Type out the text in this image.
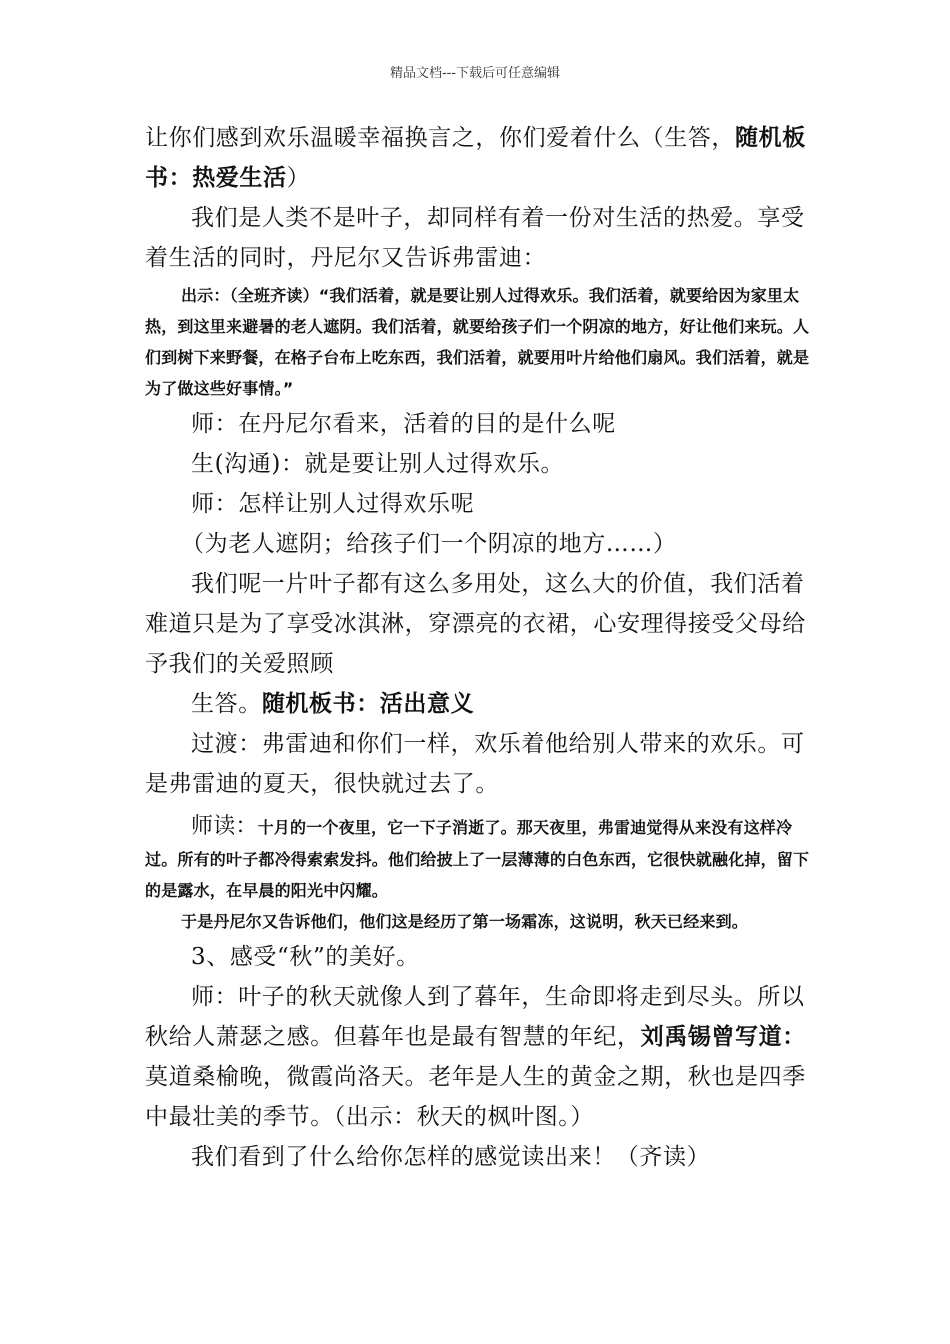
精品文档---下载后可任意编辑

让你们感到欢乐温暖幸福换言之，你们爱着什么（生答，随机板书：热爱生活）

我们是人类不是叶子，却同样有着一份对生活的热爱。享受着生活的同时，丹尼尔又告诉弗雷迪：

出示：（全班齐读）“我们活着，就是要让别人过得欢乐。我们活着，就要给因为家里太热，到这里来避暑的老人遮阴。我们活着，就要给孩子们一个阴凉的地方，好让他们来玩。人们到树下来野餐，在格子台布上吃东西，我们活着，就要用叶片给他们扇风。我们活着，就是为了做这些好事情。”

师：在丹尼尔看来，活着的目的是什么呢

生(沟通)：就是要让别人过得欢乐。

师：怎样让别人过得欢乐呢

（为老人遮阴；给孩子们一个阴凉的地方……）

我们呢一片叶子都有这么多用处，这么大的价值，我们活着难道只是为了享受冰淇淋，穿漂亮的衣裙，心安理得接受父母给予我们的关爱照顾

生答。随机板书：活出意义

过渡：弗雷迪和你们一样，欢乐着他给别人带来的欢乐。可是弗雷迪的夏天，很快就过去了。

师读：十月的一个夜里，它一下子消逝了。那天夜里，弗雷迪觉得从来没有这样冷过。所有的叶子都冷得索索发抖。他们给披上了一层薄薄的白色东西，它很快就融化掉，留下的是露水，在早晨的阳光中闪耀。

于是丹尼尔又告诉他们，他们这是经历了第一场霜冻，这说明，秋天已经来到。

3、感受“秋”的美好。

师：叶子的秋天就像人到了暮年，生命即将走到尽头。所以秋给人萧瑟之感。但暮年也是最有智慧的年纪，刘禹锡曾写道：莫道桑榆晚，微霞尚洛天。老年是人生的黄金之期，秋也是四季中最壮美的季节。（出示：秋天的枫叶图。）

我们看到了什么给你怎样的感觉读出来！（齐读）
